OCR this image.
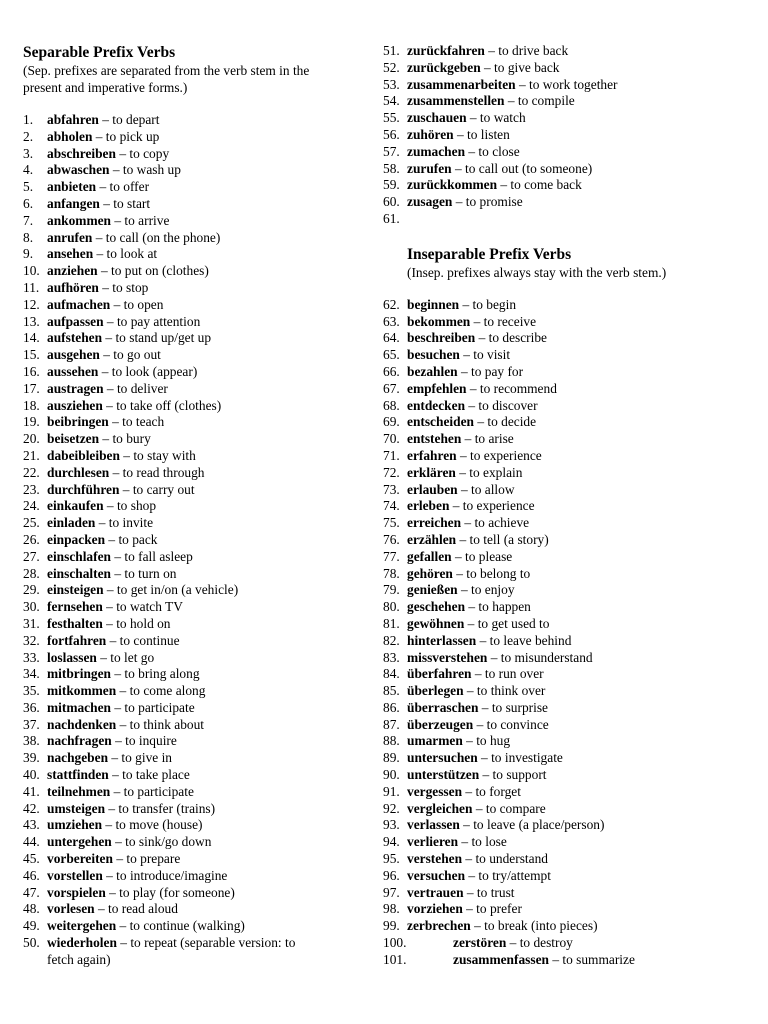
Separable Prefix Verbs
(Sep. prefixes are separated from the verb stem in the
present and imperative forms.)
1.	abfahren – to depart
2.	abholen – to pick up
3.	abschreiben – to copy
4.	abwaschen – to wash up
5.	anbieten – to offer
6.	anfangen – to start
7.	ankommen – to arrive
8.	anrufen – to call (on the phone)
9.	ansehen – to look at
10. anziehen – to put on (clothes)
11. aufhören – to stop
12. aufmachen – to open
13. aufpassen – to pay attention
14. aufstehen – to stand up/get up
15. ausgehen – to go out
16. aussehen – to look (appear)
17. austragen – to deliver
18. ausziehen – to take off (clothes)
19. beibringen – to teach
20. beisetzen – to bury
21. dabeibleiben – to stay with
22. durchlesen – to read through
23. durchführen – to carry out
24. einkaufen – to shop
25. einladen – to invite
26. einpacken – to pack
27. einschlafen – to fall asleep
28. einschalten – to turn on
29. einsteigen – to get in/on (a vehicle)
30. fernsehen – to watch TV
31. festhalten – to hold on
32. fortfahren – to continue
33. loslassen – to let go
34. mitbringen – to bring along
35. mitkommen – to come along
36. mitmachen – to participate
37. nachdenken – to think about
38. nachfragen – to inquire
39. nachgeben – to give in
40. stattfinden – to take place
41. teilnehmen – to participate
42. umsteigen – to transfer (trains)
43. umziehen – to move (house)
44. untergehen – to sink/go down
45. vorbereiten – to prepare
46. vorstellen – to introduce/imagine
47. vorspielen – to play (for someone)
48. vorlesen – to read aloud
49. weitergehen – to continue (walking)
50. wiederholen – to repeat (separable version: to
fetch again)
51. zurückfahren – to drive back
52. zurückgeben – to give back
53. zusammenarbeiten – to work together
54. zusammenstellen – to compile
55. zuschauen – to watch
56. zuhören – to listen
57. zumachen – to close
58. zurufen – to call out (to someone)
59. zurückkommen – to come back
60. zusagen – to promise
61.
Inseparable Prefix Verbs
(Insep. prefixes always stay with the verb stem.)
62. beginnen – to begin
63. bekommen – to receive
64. beschreiben – to describe
65. besuchen – to visit
66. bezahlen – to pay for
67. empfehlen – to recommend
68. entdecken – to discover
69. entscheiden – to decide
70. entstehen – to arise
71. erfahren – to experience
72. erklären – to explain
73. erlauben – to allow
74. erleben – to experience
75. erreichen – to achieve
76. erzählen – to tell (a story)
77. gefallen – to please
78. gehören – to belong to
79. genießen – to enjoy
80. geschehen – to happen
81. gewöhnen – to get used to
82. hinterlassen – to leave behind
83. missverstehen – to misunderstand
84. überfahren – to run over
85. überlegen – to think over
86. überraschen – to surprise
87. überzeugen – to convince
88. umarmen – to hug
89. untersuchen – to investigate
90. unterstützen – to support
91. vergessen – to forget
92. vergleichen – to compare
93. verlassen – to leave (a place/person)
94. verlieren – to lose
95. verstehen – to understand
96. versuchen – to try/attempt
97. vertrauen – to trust
98. vorziehen – to prefer
99. zerbrechen – to break (into pieces)
100.	zerstören – to destroy
101.	zusammenfassen – to summarize
